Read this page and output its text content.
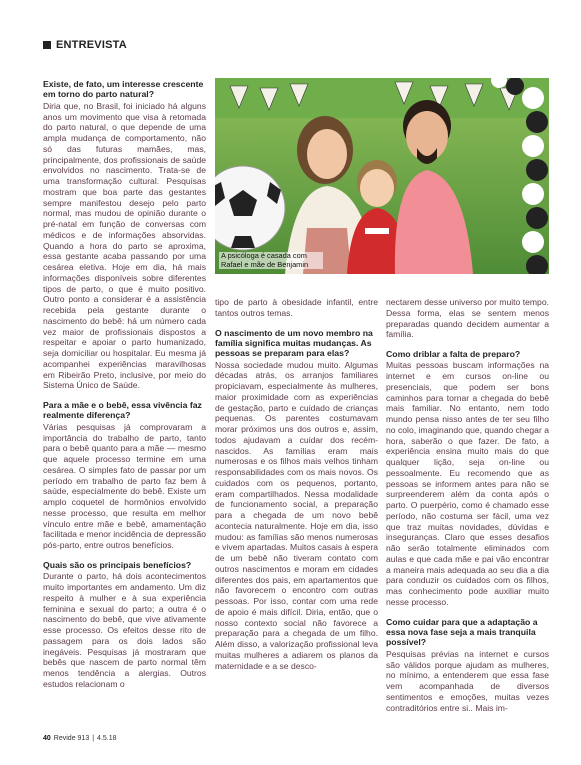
ENTREVISTA
Existe, de fato, um interesse crescente em torno do parto natural?

Diria que, no Brasil, foi iniciado há alguns anos um movimento que visa à retomada do parto natural, o que depende de uma ampla mudança de comportamento, não só das futuras mamães, mas, principalmente, dos profissionais de saúde envolvidos no nascimento. Trata-se de uma transformação cultural. Pesquisas mostram que boa parte das gestantes sempre manifestou desejo pelo parto normal, mas mudou de opinião durante o pré-natal em função de conversas com médicos e de informações absorvidas. Quando a hora do parto se aproxima, essa gestante acaba passando por uma cesárea eletiva. Hoje em dia, há mais informações disponíveis sobre diferentes tipos de parto, o que é muito positivo. Outro ponto a considerar é a assistência recebida pela gestante durante o nascimento do bebê: há um número cada vez maior de profissionais dispostos a respeitar e apoiar o parto humanizado, seja domiciliar ou hospitalar. Eu mesma já acompanhei experiências maravilhosas em Ribeirão Preto, inclusive, por meio do Sistema Único de Saúde.

Para a mãe e o bebê, essa vivência faz realmente diferença?

Várias pesquisas já comprovaram a importância do trabalho de parto, tanto para o bebê quanto para a mãe — mesmo que aquele processo termine em uma cesárea. O simples fato de passar por um período em trabalho de parto faz bem à saúde, especialmente do bebê. Existe um amplo coquetel de hormônios envolvido nesse processo, que resulta em melhor vínculo entre mãe e bebê, amamentação facilitada e menor incidência de depressão pós-parto, entre outros benefícios.

Quais são os principais benefícios?

Durante o parto, há dois acontecimentos muito importantes em andamento. Um diz respeito à mulher e à sua experiência feminina e sexual do parto; a outra é o nascimento do bebê, que vive ativamente esse processo. Os efeitos desse rito de passagem para os dois lados são inegáveis. Pesquisas já mostraram que bebês que nascem de parto normal têm menos tendência a alergias. Outros estudos relacionam o

A psicóloga é casada com Rafael e mãe de Benjamin

tipo de parto à obesidade infantil, entre tantos outros temas.

O nascimento de um novo membro na família significa muitas mudanças. As pessoas se preparam para elas?

Nossa sociedade mudou muito. Algumas décadas atrás, os arranjos familiares propiciavam, especialmente às mulheres, maior proximidade com as experiências de gestação, parto e cuidado de crianças pequenas. Os parentes costumavam morar próximos uns dos outros e, assim, todos ajudavam a cuidar dos recém-nascidos. As famílias eram mais numerosas e os filhos mais velhos tinham responsabilidades com os mais novos. Os cuidados com os pequenos, portanto, eram compartilhados. Nessa modalidade de funcionamento social, a preparação para a chegada de um novo bebê acontecia naturalmente. Hoje em dia, isso mudou: as famílias são menos numerosas e vivem apartadas. Muitos casais à espera de um bebê não tiveram contato com outros nascimentos e moram em cidades diferentes dos pais, em apartamentos que não favorecem o encontro com outras pessoas. Por isso, contar com uma rede de apoio é mais difícil. Diria, então, que o nosso contexto social não favorece a preparação para a chegada de um filho. Além disso, a valorização profissional leva muitas mulheres a adiarem os planos da maternidade e a se desco-

nectarem desse universo por muito tempo. Dessa forma, elas se sentem menos preparadas quando decidem aumentar a família.

Como driblar a falta de preparo?

Muitas pessoas buscam informações na internet e em cursos on-line ou presenciais, que podem ser bons caminhos para tornar a chegada do bebê mais familiar. No entanto, nem todo mundo pensa nisso antes de ter seu filho no colo, imaginando que, quando chegar a hora, saberão o que fazer. De fato, a experiência ensina muito mais do que qualquer lição, seja on-line ou pessoalmente. Eu recomendo que as pessoas se informem antes para não se surpreenderem além da conta após o parto. O puerpério, como é chamado esse período, não costuma ser fácil, uma vez que traz muitas novidades, dúvidas e inseguranças. Claro que esses desafios não serão totalmente eliminados com aulas e que cada mãe e pai vão encontrar a maneira mais adequada ao seu dia a dia para conduzir os cuidados com os filhos, mas conhecimento pode auxiliar muito nesse processo.

Como cuidar para que a adaptação a essa nova fase seja a mais tranquila possível?

Pesquisas prévias na internet e cursos são válidos porque ajudam as mulheres, no mínimo, a entenderem que essa fase vem acompanhada de diversos sentimentos e emoções, muitas vezes contraditórios entre si.. Mais im-

40 Revide 913 | 4.5.18
